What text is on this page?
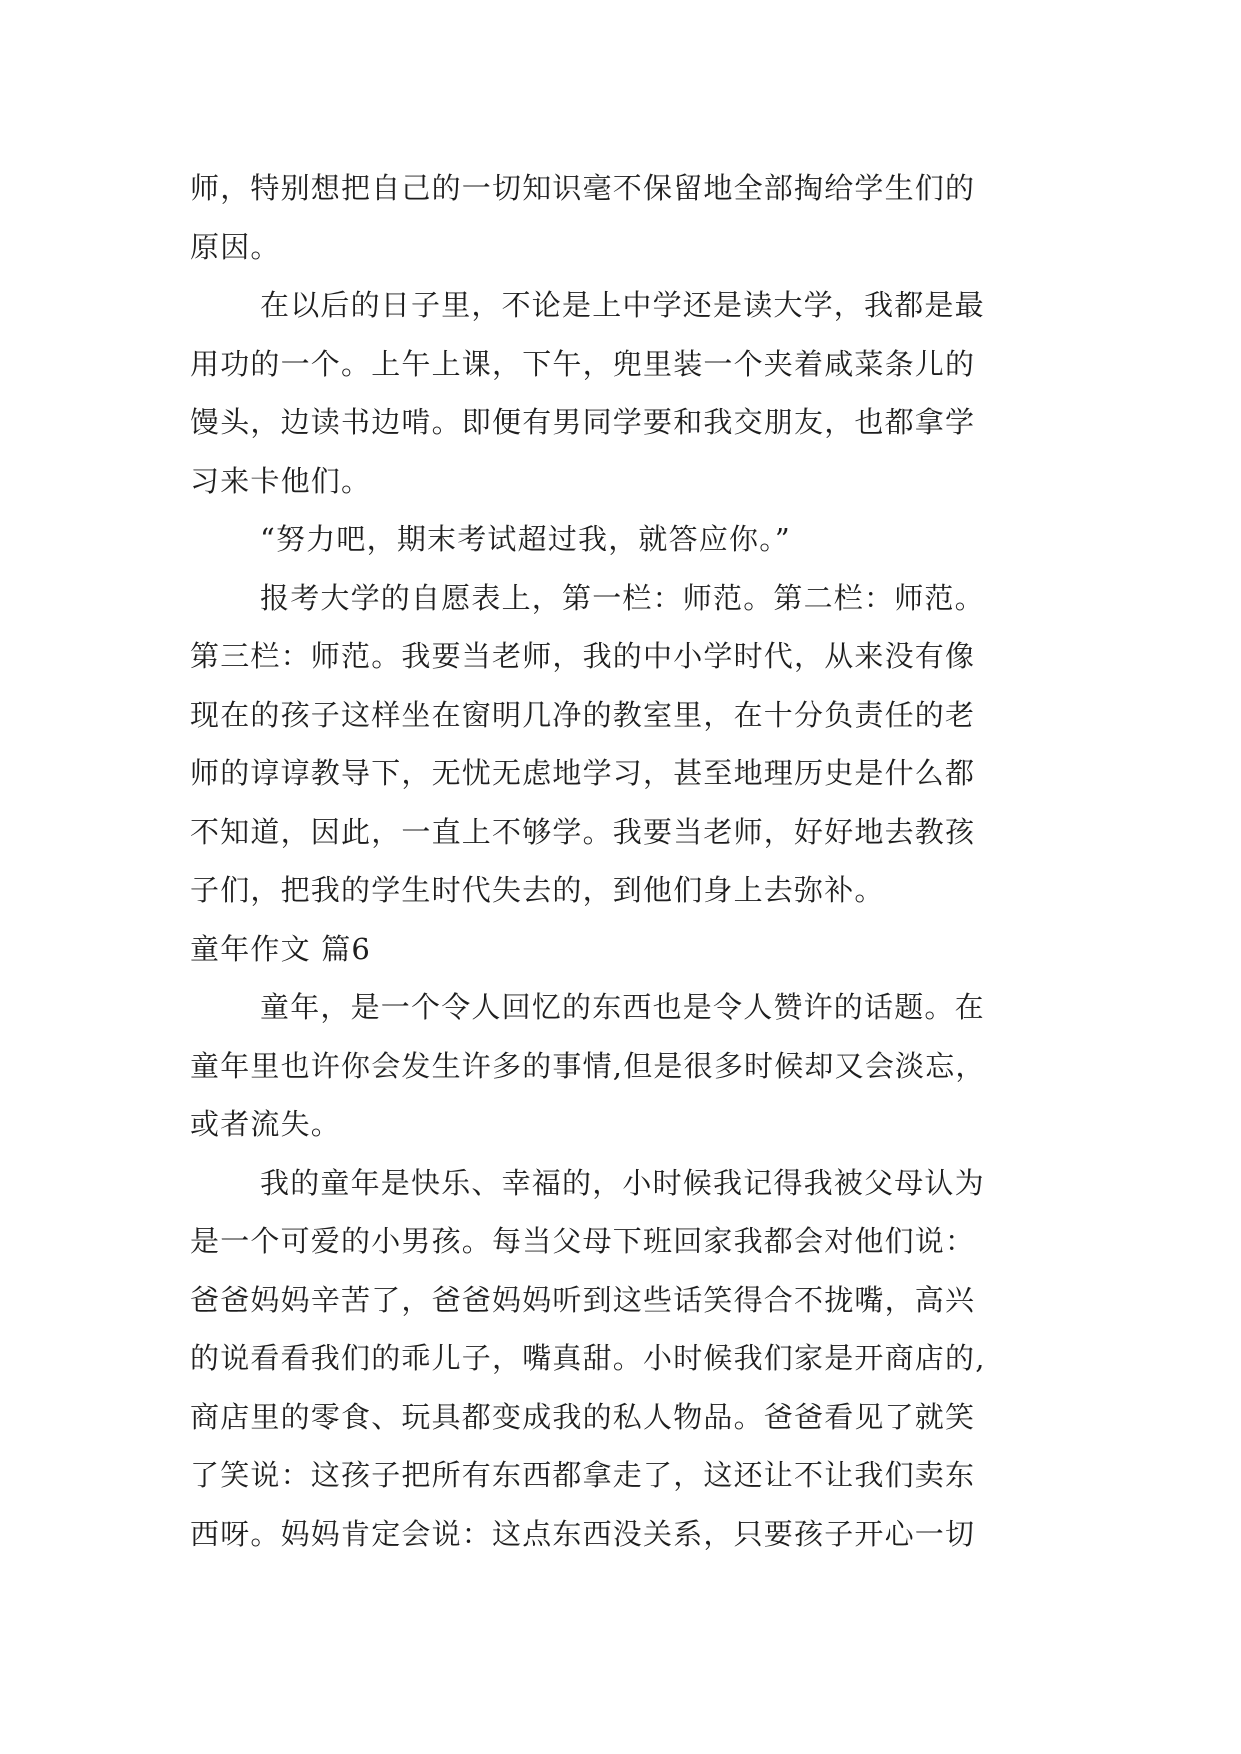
师，特别想把自己的一切知识毫不保留地全部掏给学生们的
原因。
在以后的日子里，不论是上中学还是读大学，我都是最
用功的一个。上午上课，下午，兜里装一个夹着咸菜条儿的
馒头，边读书边啃。即便有男同学要和我交朋友，也都拿学
习来卡他们。
“努力吧，期末考试超过我，就答应你。”
报考大学的自愿表上，第一栏：师范。第二栏：师范。
第三栏：师范。我要当老师，我的中小学时代，从来没有像
现在的孩子这样坐在窗明几净的教室里，在十分负责任的老
师的谆谆教导下，无忧无虑地学习，甚至地理历史是什么都
不知道，因此，一直上不够学。我要当老师，好好地去教孩
子们，把我的学生时代失去的，到他们身上去弥补。
童年作文 篇6
童年，是一个令人回忆的东西也是令人赞许的话题。在
童年里也许你会发生许多的事情,但是很多时候却又会淡忘，
或者流失。
我的童年是快乐、幸福的，小时候我记得我被父母认为
是一个可爱的小男孩。每当父母下班回家我都会对他们说：
爸爸妈妈辛苦了，爸爸妈妈听到这些话笑得合不拢嘴，高兴
的说看看我们的乖儿子，嘴真甜。小时候我们家是开商店的,
商店里的零食、玩具都变成我的私人物品。爸爸看见了就笑
了笑说：这孩子把所有东西都拿走了，这还让不让我们卖东
西呀。妈妈肯定会说：这点东西没关系，只要孩子开心一切
